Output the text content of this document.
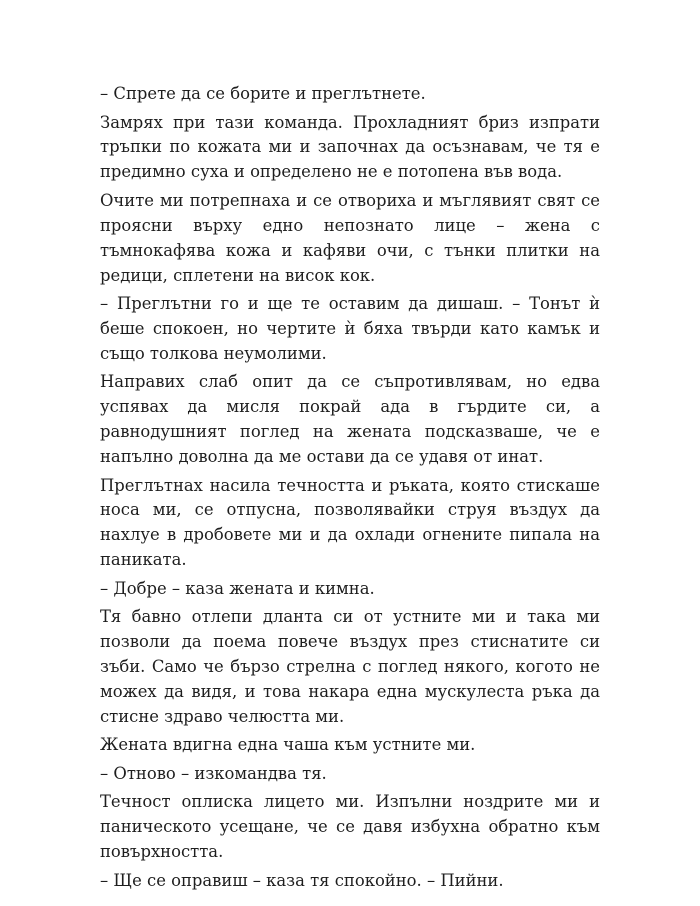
– Спрете да се борите и преглътнете.

Замрях при тази команда. Прохладният бриз изпрати тръпки по кожата ми и започнах да осъзнавам, че тя е предимно суха и определено не е потопена във вода.

Очите ми потрепнаха и се отвориха и мъглявият свят се проясни върху едно непознато лице – жена с тъмнокафява кожа и кафяви очи, с тънки плитки на редици, сплетени на висок кок.

– Преглътни го и ще те оставим да дишаш. – Тонът ѝ беше спокоен, но чертите ѝ бяха твърди като камък и също толкова неумолими.

Направих слаб опит да се съпротивлявам, но едва успявах да мисля покрай ада в гърдите си, а равнодушният поглед на жената подсказваше, че е напълно доволна да ме остави да се удавя от инат.

Преглътнах насила течността и ръката, която стискаше носа ми, се отпусна, позволявайки струя въздух да нахлуе в дробовете ми и да охлади огнените пипала на паниката.

– Добре – каза жената и кимна.

Тя бавно отлепи дланта си от устните ми и така ми позволи да поема повече въздух през стиснатите си зъби. Само че бързо стрелна с поглед някого, когото не можех да видя, и това накара една мускулеста ръка да стисне здраво челюстта ми.

Жената вдигна една чаша към устните ми.

– Отново – изкомандва тя.

Течност оплиска лицето ми. Изпълни ноздрите ми и паническото усещане, че се давя избухна обратно към повърхността.

– Ще се оправиш – каза тя спокойно. – Пийни.
